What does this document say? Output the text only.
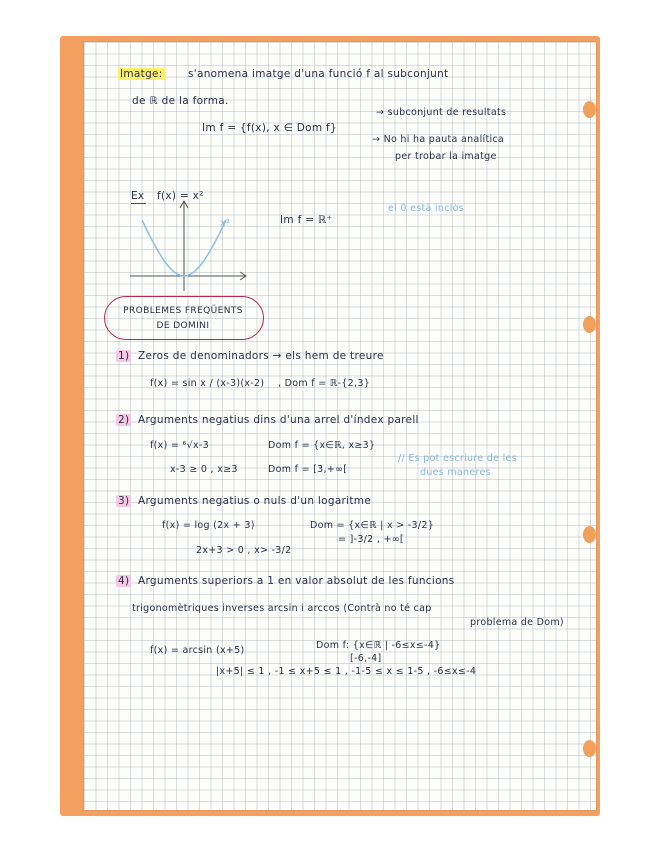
Imatge: s'anomena imatge d'una funció f al subconjunt
de ℝ de la forma.
Im f = {f(x), x ∈ Dom f}
→ subconjunt de resultats
→ No hi ha pauta analítica
per trobar la imatge
Ex f(x) = x²
x²	Im f = ℝ⁺
el 0 està inclòs
PROBLEMES FREQÜENTS
DE DOMINI
1) Zeros de denominadors → els hem de treure
f(x) = sin x / (x-3)(x-2) , Dom f = ℝ-{2,3}
2) Arguments negatius dins d'una arrel d'índex parell
f(x) = ⁶√x-3	Dom f = {x∈ℝ, x≥3}
x-3 ≥ 0 , x≥3	Dom f = [3,+∞[
// Es pot escriure de les
dues maneres
3) Arguments negatius o nuls d'un logaritme
f(x) = log (2x + 3)	Dom = {x∈ℝ | x > -3/2}
= ]-3/2 , +∞[
2x+3 > 0 , x> -3/2
4) Arguments superiors a 1 en valor absolut de les funcions
trigonomètriques inverses arcsin i arccos (Contrà no té cap
problema de Dom)
f(x) = arcsin (x+5)	Dom f: {x∈ℝ | -6≤x≤-4}
[-6,-4]
|x+5| ≤ 1 , -1 ≤ x+5 ≤ 1 , -1-5 ≤ x ≤ 1-5 , -6≤x≤-4
